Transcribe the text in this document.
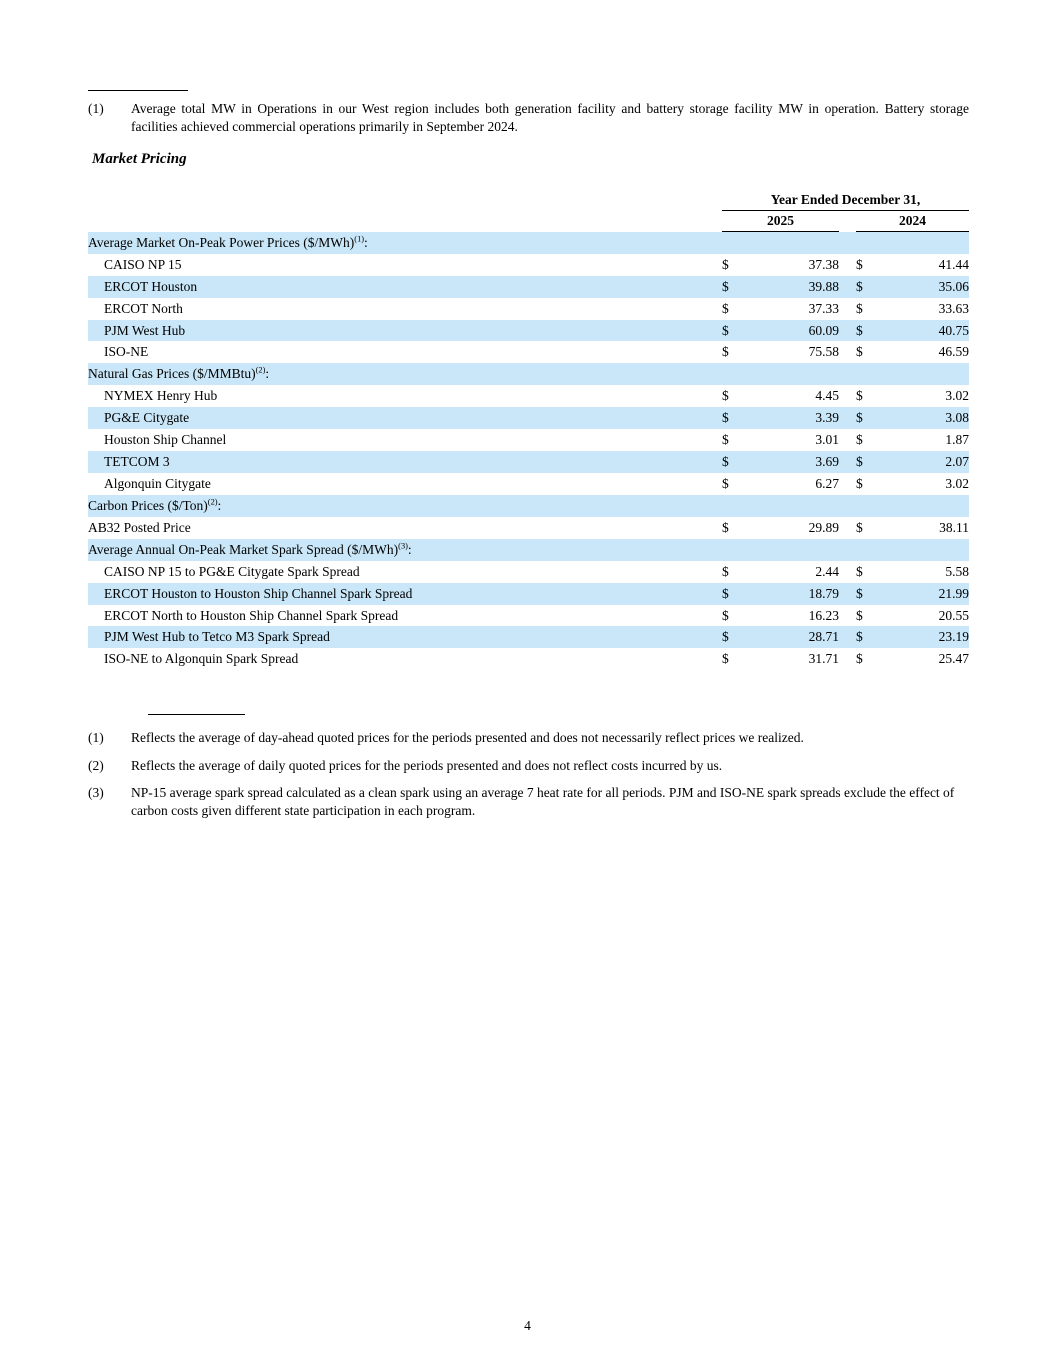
(1)	Average total MW in Operations in our West region includes both generation facility and battery storage facility MW in operation. Battery storage facilities achieved commercial operations primarily in September 2024.
Market Pricing
	Year Ended December 31,				
	2025			2024	
Average Market On-Peak Power Prices ($/MWh)$^{(1)}$:					
CAISO NP 15	$	37.38		$	41.44
ERCOT Houston	$	39.88		$	35.06
ERCOT North	$	37.33		$	33.63
PJM West Hub	$	60.09		$	40.75
ISO-NE	$	75.58		$	46.59
Natural Gas Prices ($/MMBtu)$^{(2)}$:					
NYMEX Henry Hub	$	4.45		$	3.02
PG&E Citygate	$	3.39		$	3.08
Houston Ship Channel	$	3.01		$	1.87
TETCOM 3	$	3.69		$	2.07
Algonquin Citygate	$	6.27		$	3.02
Carbon Prices ($/Ton)$^{(2)}$:					
AB32 Posted Price	$	29.89		$	38.11
Average Annual On-Peak Market Spark Spread ($/MWh)$^{(3)}$:					
CAISO NP 15 to PG&E Citygate Spark Spread	$	2.44		$	5.58
ERCOT Houston to Houston Ship Channel Spark Spread	$	18.79		$	21.99
ERCOT North to Houston Ship Channel Spark Spread	$	16.23		$	20.55
PJM West Hub to Tetco M3 Spark Spread	$	28.71		$	23.19
ISO-NE to Algonquin Spark Spread	$	31.71		$	25.47
(1)	Reflects the average of day-ahead quoted prices for the periods presented and does not necessarily reflect prices we realized.
(2)	Reflects the average of daily quoted prices for the periods presented and does not reflect costs incurred by us.
(3)	NP-15 average spark spread calculated as a clean spark using an average 7 heat rate for all periods. PJM and ISO-NE spark spreads exclude the effect of carbon costs given different state participation in each program.
4
